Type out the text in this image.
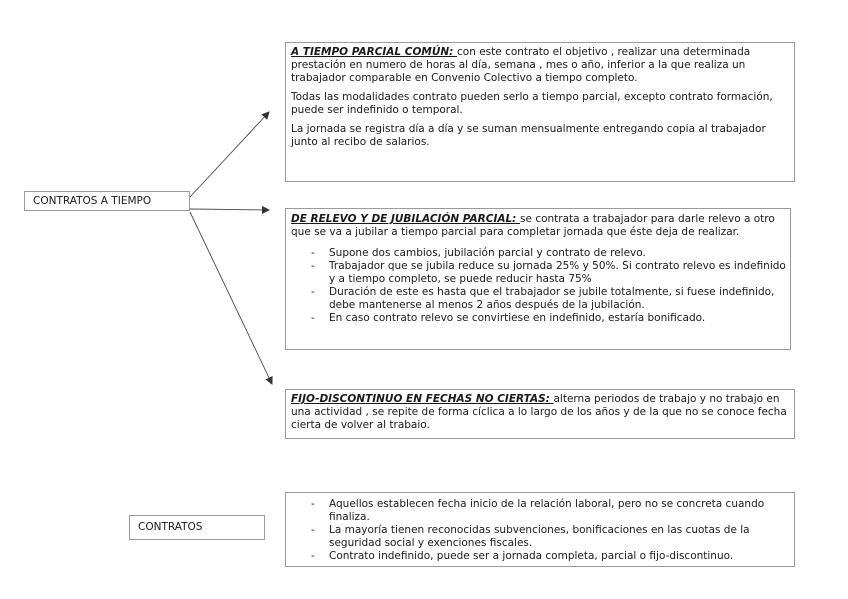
CONTRATOS A TIEMPO
CONTRATOS

A TIEMPO PARCIAL COMÚN: con este contrato el objetivo , realizar una determinada prestación en numero de horas al día, semana , mes o año, inferior a la que realiza un trabajador comparable en Convenio Colectivo a tiempo completo.

Todas las modalidades contrato pueden serlo a tiempo parcial, excepto contrato formación, puede ser indefinido o temporal.

La jornada se registra día a día y se suman mensualmente entregando copia al trabajador junto al recibo de salarios.

DE RELEVO Y DE JUBILACIÓN PARCIAL: se contrata a trabajador para darle relevo a otro que se va a jubilar a tiempo parcial para completar jornada que éste deja de realizar.

- Supone dos cambios, jubilación parcial y contrato de relevo.
- Trabajador que se jubila reduce su jornada 25% y 50%. Si contrato relevo es indefinido y a tiempo completo, se puede reducir hasta 75%
- Duración de este es hasta que el trabajador se jubile totalmente, si fuese indefinido, debe mantenerse al menos 2 años después de la jubilación.
- En caso contrato relevo se convirtiese en indefinido, estaría bonificado.

FIJO-DISCONTINUO EN FECHAS NO CIERTAS: alterna periodos de trabajo y no trabajo en una actividad , se repite de forma cíclica a lo largo de los años y de la que no se conoce fecha cierta de volver al trabaio.

- Aquellos establecen fecha inicio de la relación laboral, pero no se concreta cuando finaliza.
- La mayoría tienen reconocidas subvenciones, bonificaciones en las cuotas de la seguridad social y exenciones fiscales.
- Contrato indefinido, puede ser a jornada completa, parcial o fijo-discontinuo.
